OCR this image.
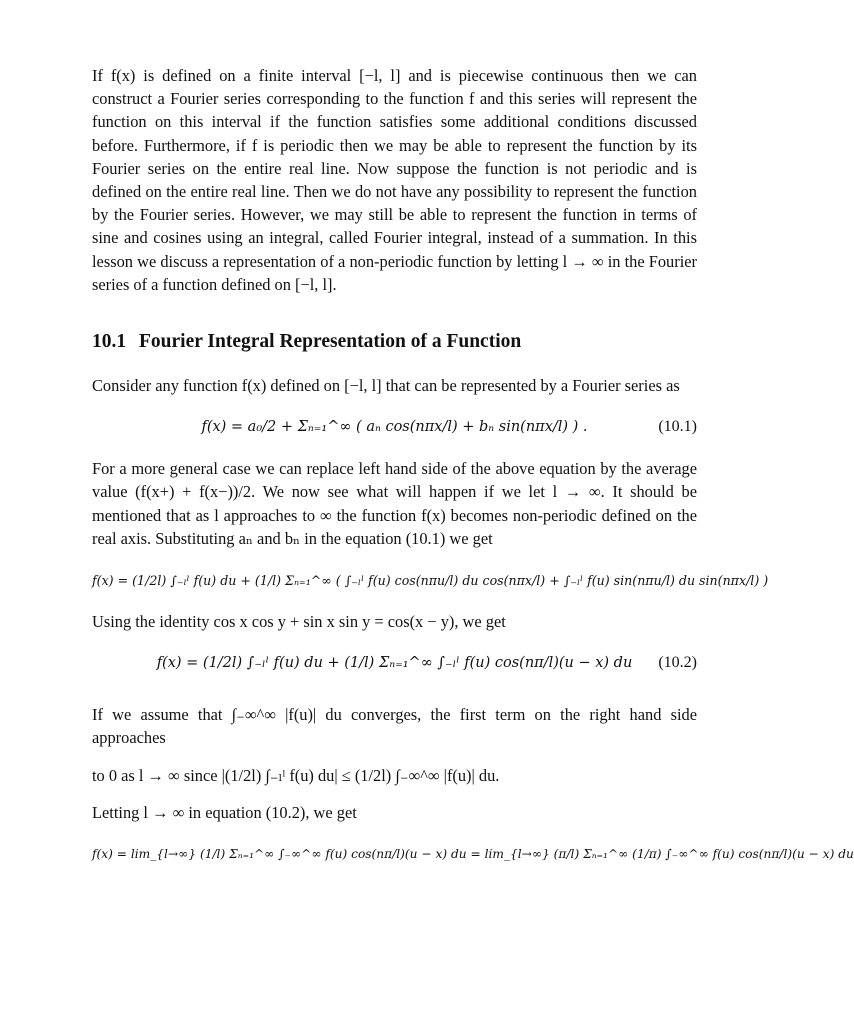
If f(x) is defined on a finite interval [−l, l] and is piecewise continuous then we can construct a Fourier series corresponding to the function f and this series will represent the function on this interval if the function satisfies some additional conditions discussed before. Furthermore, if f is periodic then we may be able to represent the function by its Fourier series on the entire real line. Now suppose the function is not periodic and is defined on the entire real line. Then we do not have any possibility to represent the function by the Fourier series. However, we may still be able to represent the function in terms of sine and cosines using an integral, called Fourier integral, instead of a summation. In this lesson we discuss a representation of a non-periodic function by letting l → ∞ in the Fourier series of a function defined on [−l, l].

10.1 Fourier Integral Representation of a Function

Consider any function f(x) defined on [−l, l] that can be represented by a Fourier series as

f(x) = a₀/2 + Σₙ₌₁^∞ ( aₙ cos(nπx/l) + bₙ sin(nπx/l) ) .	(10.1)

For a more general case we can replace left hand side of the above equation by the average value (f(x+) + f(x−))/2. We now see what will happen if we let l → ∞. It should be mentioned that as l approaches to ∞ the function f(x) becomes non-periodic defined on the real axis. Substituting aₙ and bₙ in the equation (10.1) we get

f(x) = (1/2l) ∫₋ₗˡ f(u) du + (1/l) Σₙ₌₁^∞ ( ∫₋ₗˡ f(u) cos(nπu/l) du cos(nπx/l) + ∫₋ₗˡ f(u) sin(nπu/l) du sin(nπx/l) )

Using the identity cos x cos y + sin x sin y = cos(x − y), we get

f(x) = (1/2l) ∫₋ₗˡ f(u) du + (1/l) Σₙ₌₁^∞ ∫₋ₗˡ f(u) cos(nπ/l)(u − x) du	(10.2)

If we assume that ∫₋∞^∞ |f(u)| du converges, the first term on the right hand side approaches

to 0 as l → ∞ since |(1/2l) ∫₋ₗˡ f(u) du| ≤ (1/2l) ∫₋∞^∞ |f(u)| du.

Letting l → ∞ in equation (10.2), we get

f(x) = lim_{l→∞} (1/l) Σₙ₌₁^∞ ∫₋∞^∞ f(u) cos(nπ/l)(u − x) du = lim_{l→∞} (π/l) Σₙ₌₁^∞ (1/π) ∫₋∞^∞ f(u) cos(nπ/l)(u − x) du
